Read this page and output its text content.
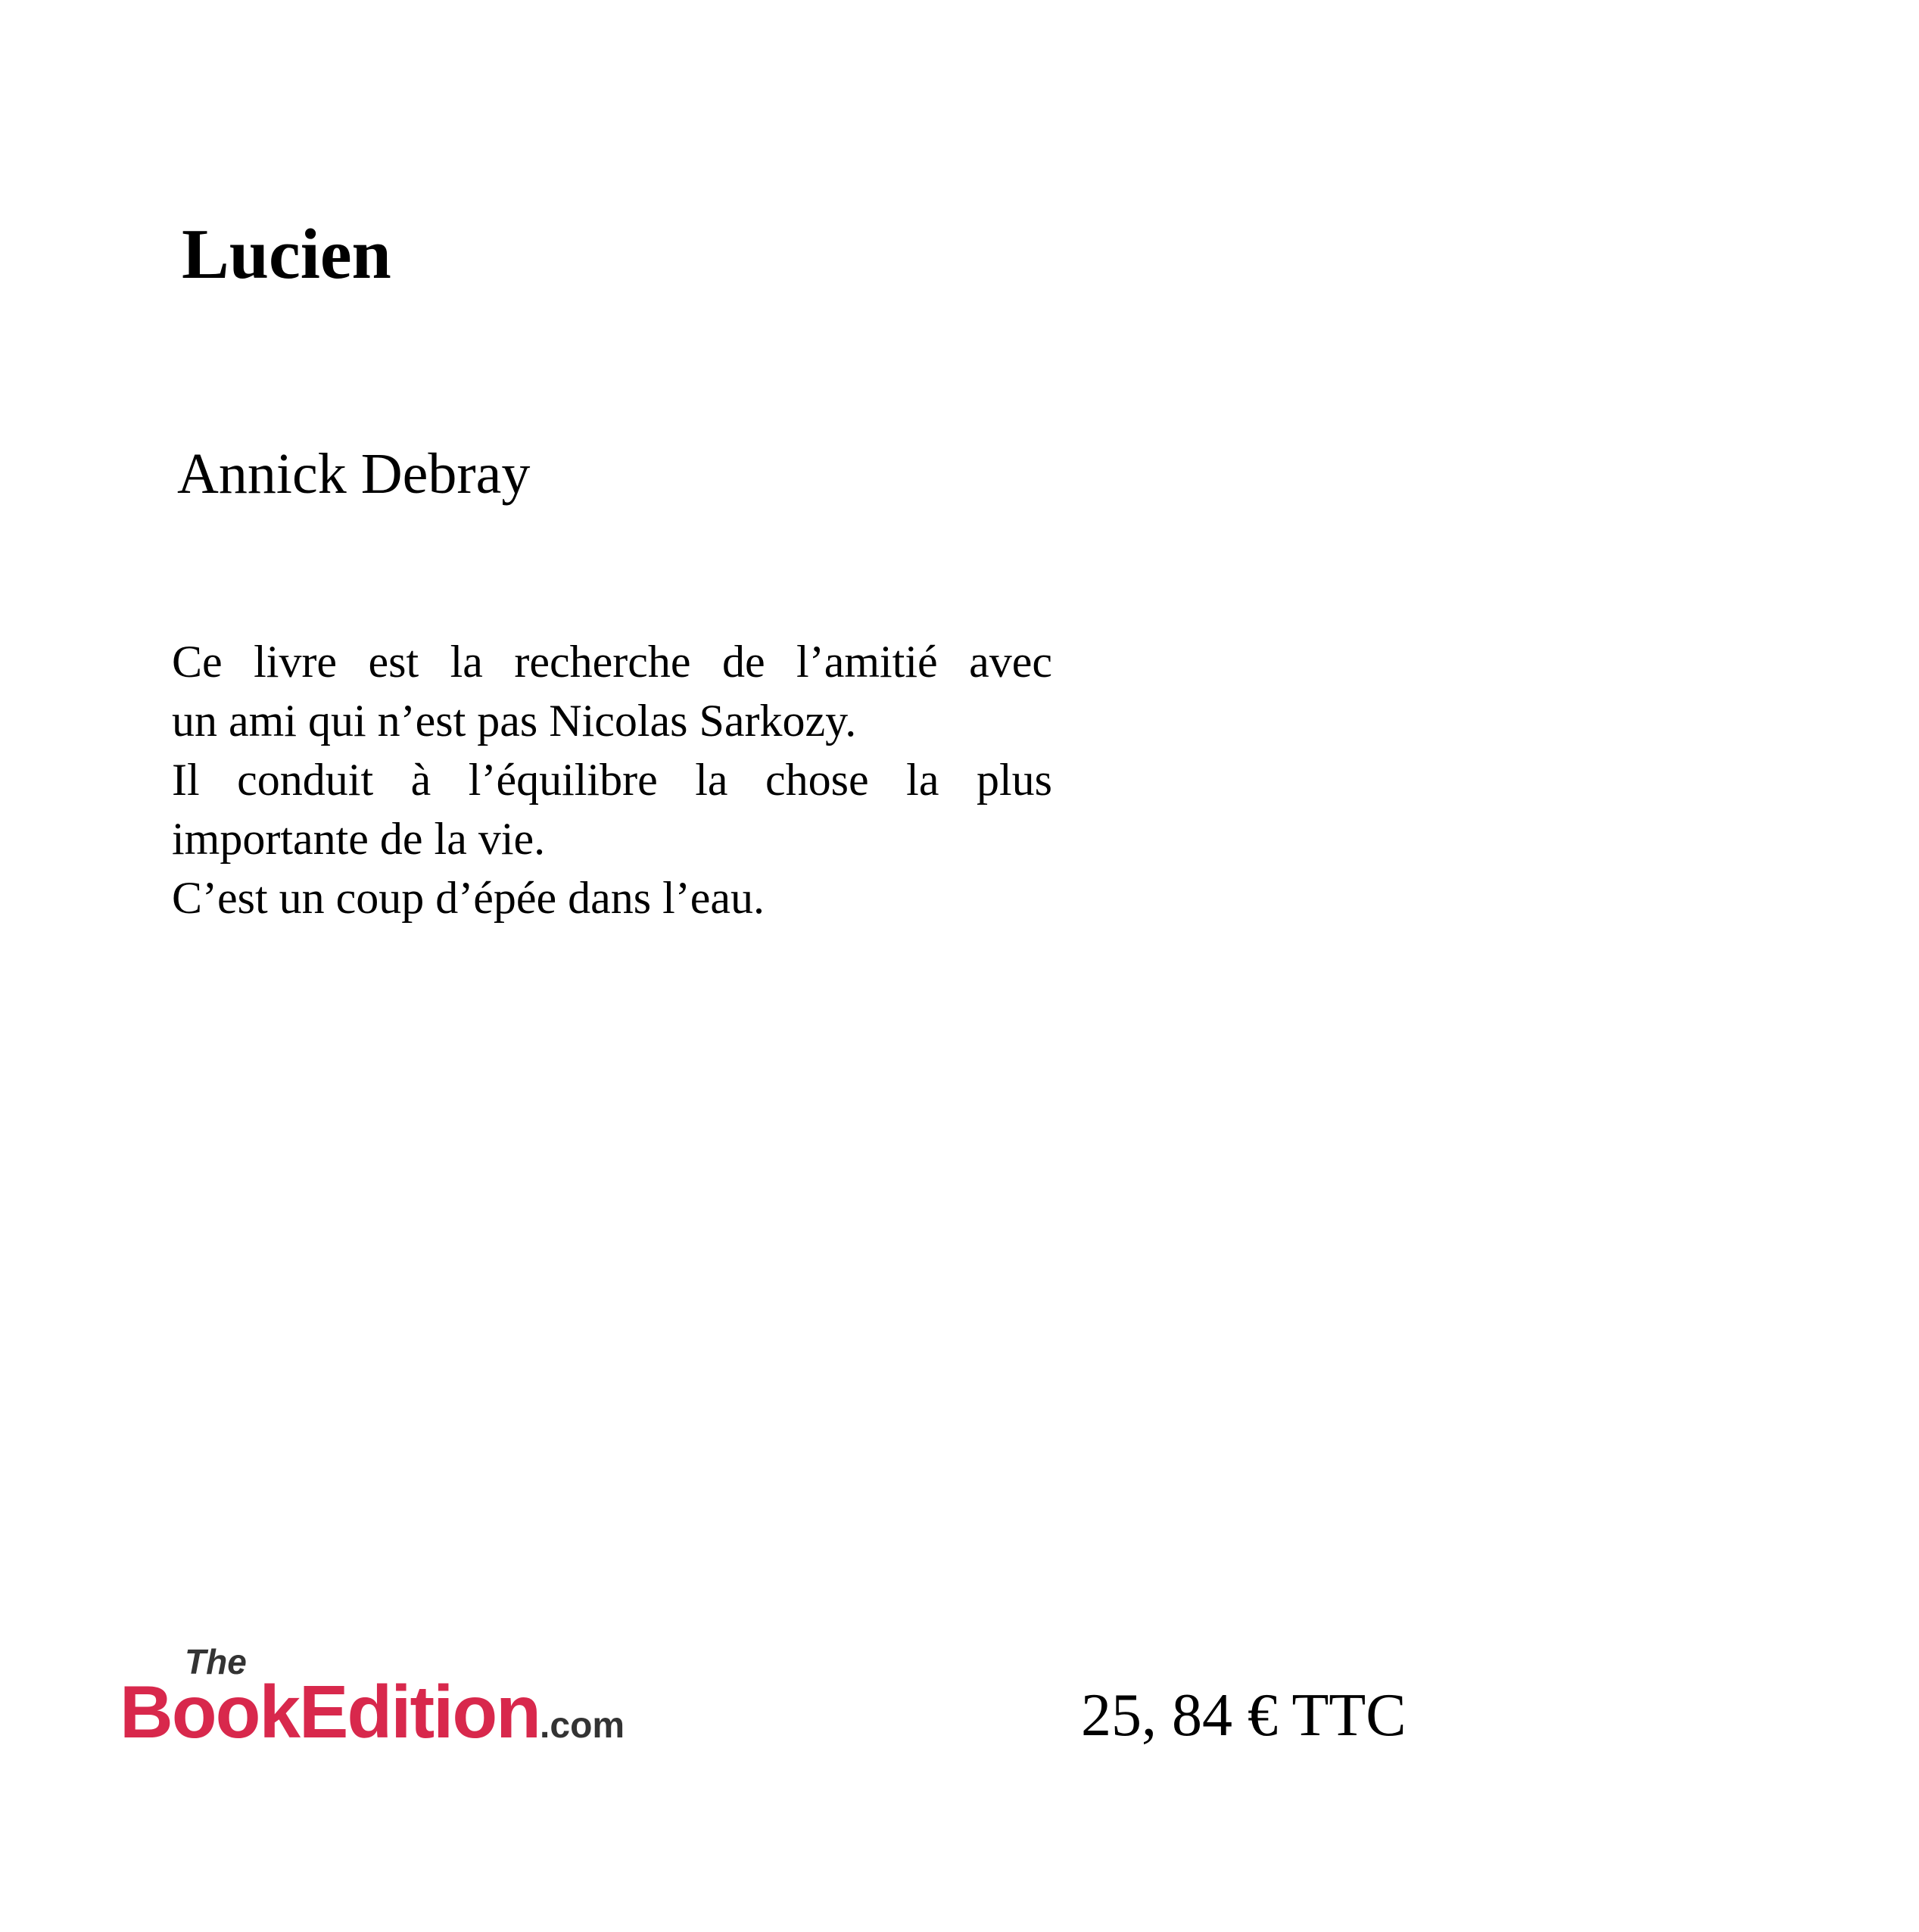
Lucien
Annick Debray
Ce livre est la recherche de l’amitié avec
un ami qui n’est pas Nicolas Sarkozy.
Il conduit à l’équilibre la chose la plus
importante de la vie.
C’est un coup d’épée dans l’eau.
The
BookEdition.com	25, 84 € TTC
